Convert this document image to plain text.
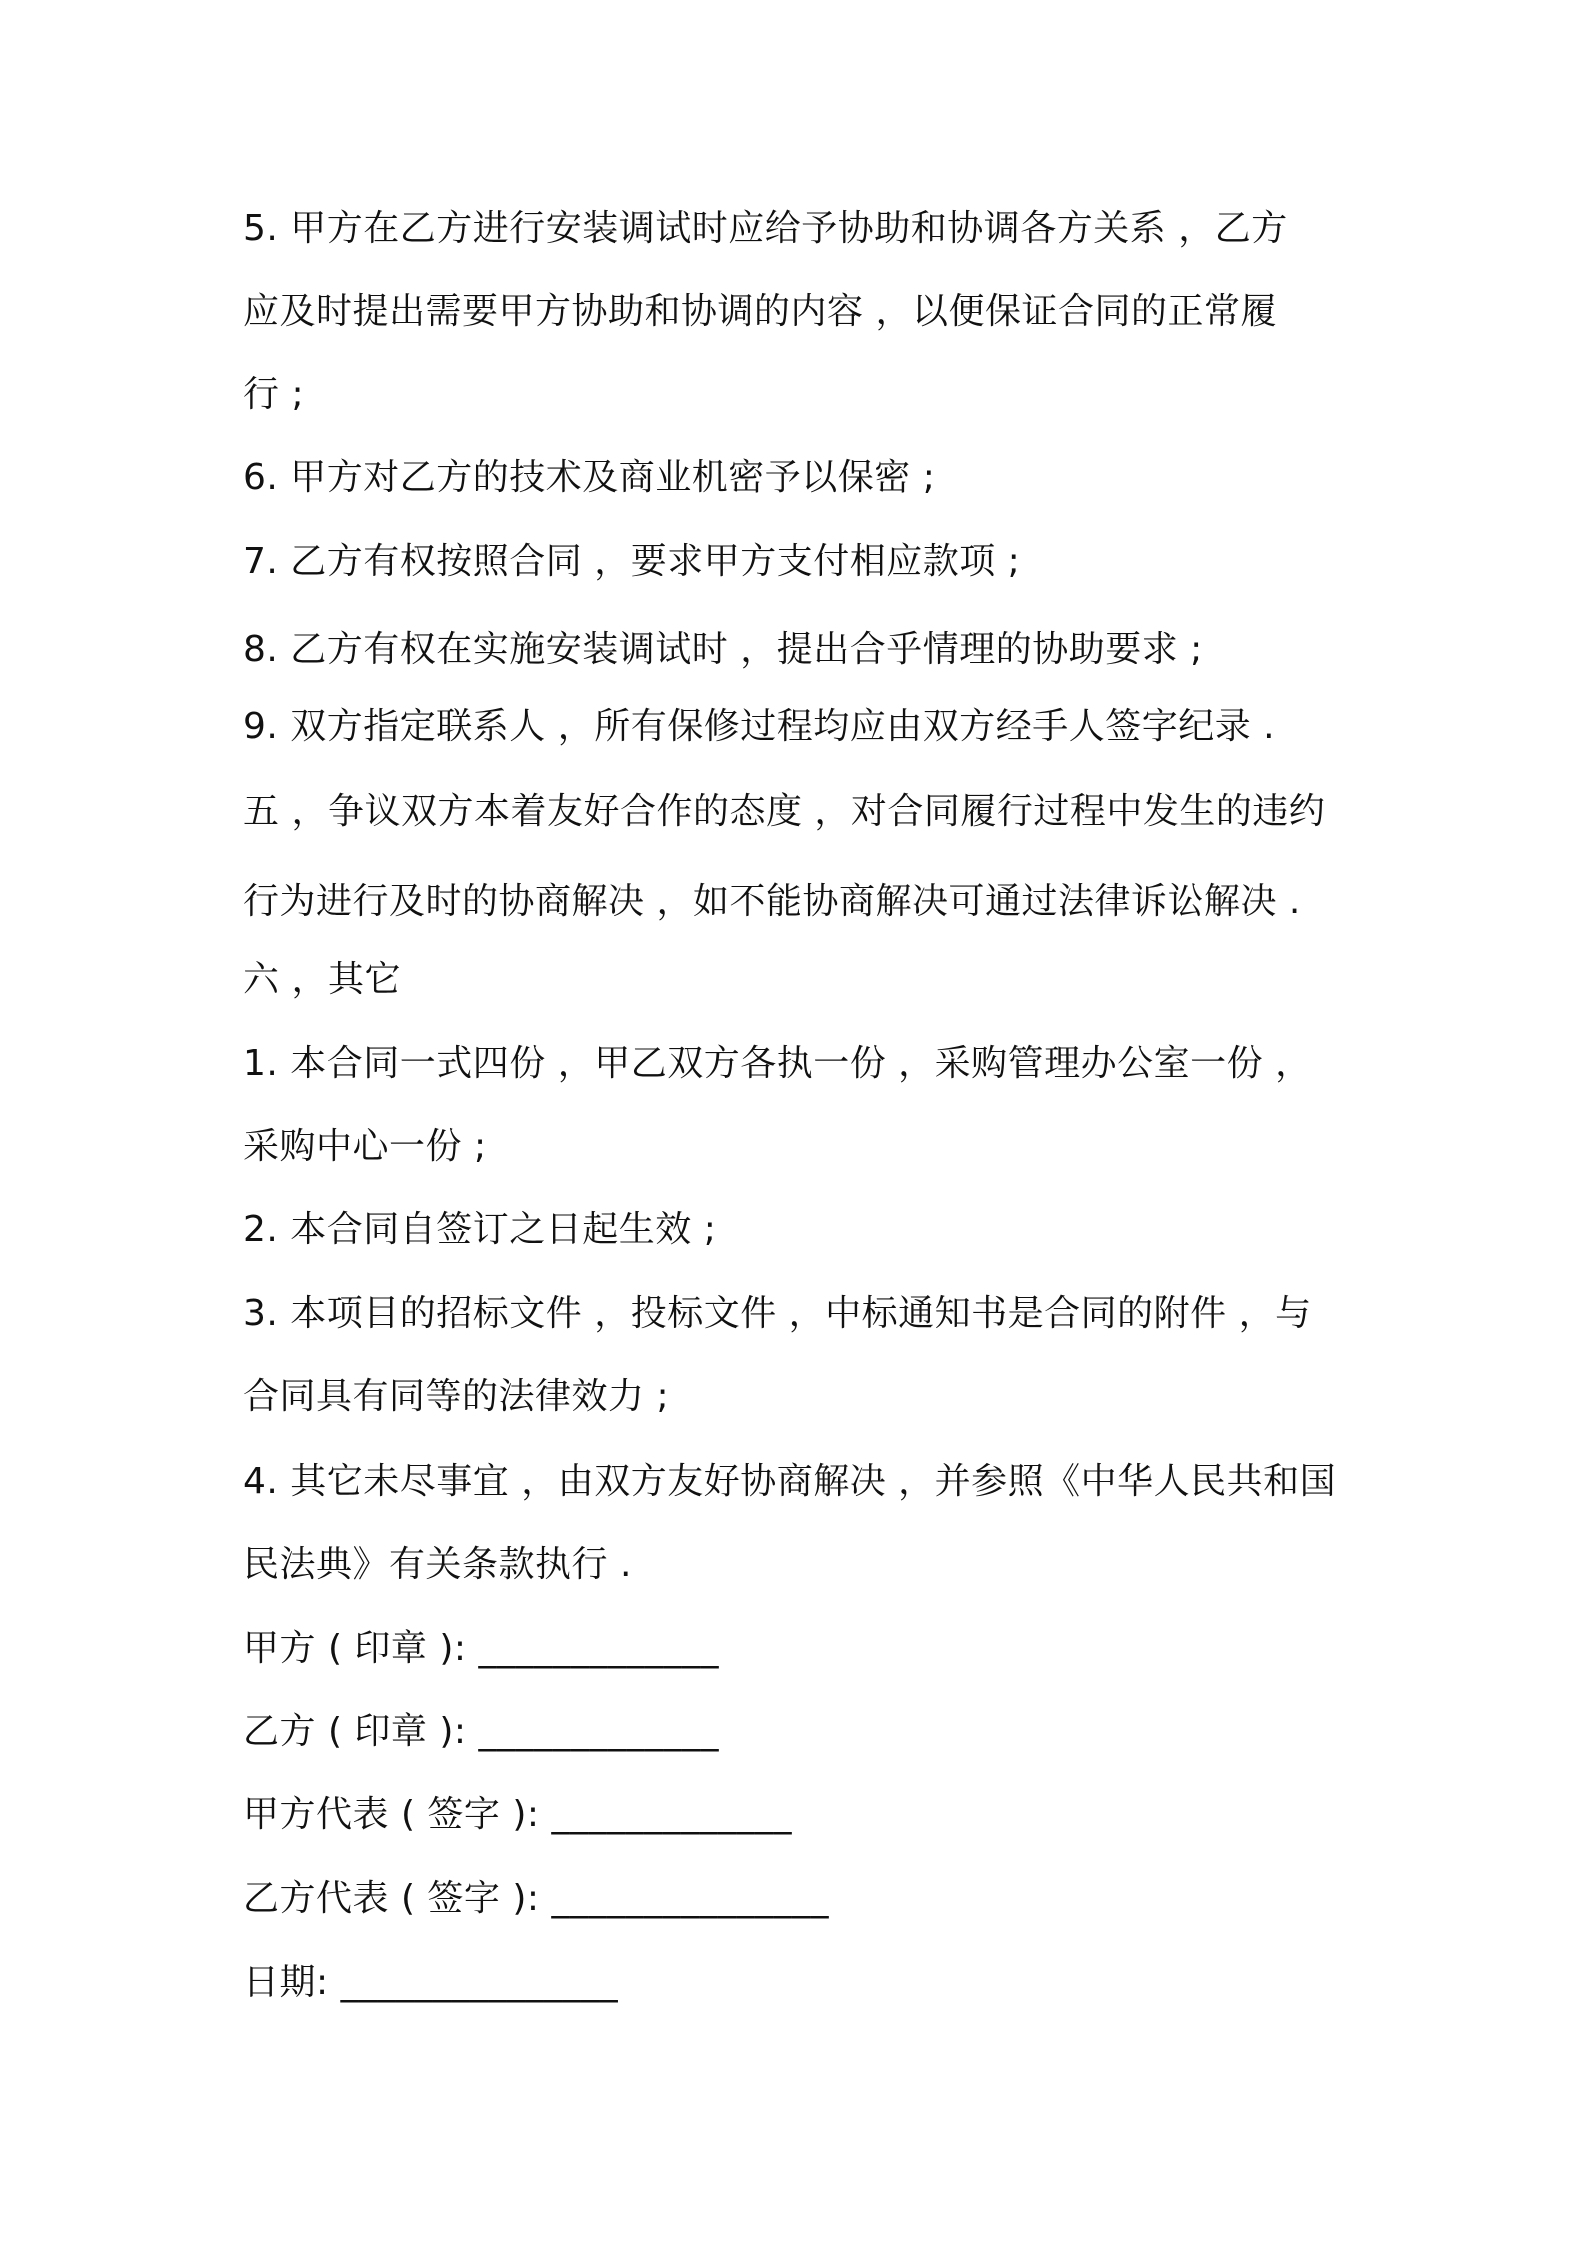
5. 甲方在乙方进行安装调试时应给予协助和协调各方关系 ，乙方
应及时提出需要甲方协助和协调的内容 ，以便保证合同的正常履
行 ;
6. 甲方对乙方的技术及商业机密予以保密 ;
7. 乙方有权按照合同 ，要求甲方支付相应款项 ;
8. 乙方有权在实施安装调试时 ，提出合乎情理的协助要求 ;
9. 双方指定联系人 ，所有保修过程均应由双方经手人签字纪录 .
五 ，争议双方本着友好合作的态度 ，对合同履行过程中发生的违约
行为进行及时的协商解决 ，如不能协商解决可通过法律诉讼解决 .
六 ，其它
1. 本合同一式四份 ，甲乙双方各执一份 ，采购管理办公室一份 ，
采购中心一份 ;
2. 本合同自签订之日起生效 ;
3. 本项目的招标文件 ，投标文件 ，中标通知书是合同的附件 ，与
合同具有同等的法律效力 ;
4. 其它未尽事宜 ，由双方友好协商解决 ，并参照《中华人民共和国
民法典》有关条款执行 .
甲方 ( 印章 ): _____________
乙方 ( 印章 ): _____________
甲方代表 ( 签字 ): _____________
乙方代表 ( 签字 ): _______________
日期: _______________
